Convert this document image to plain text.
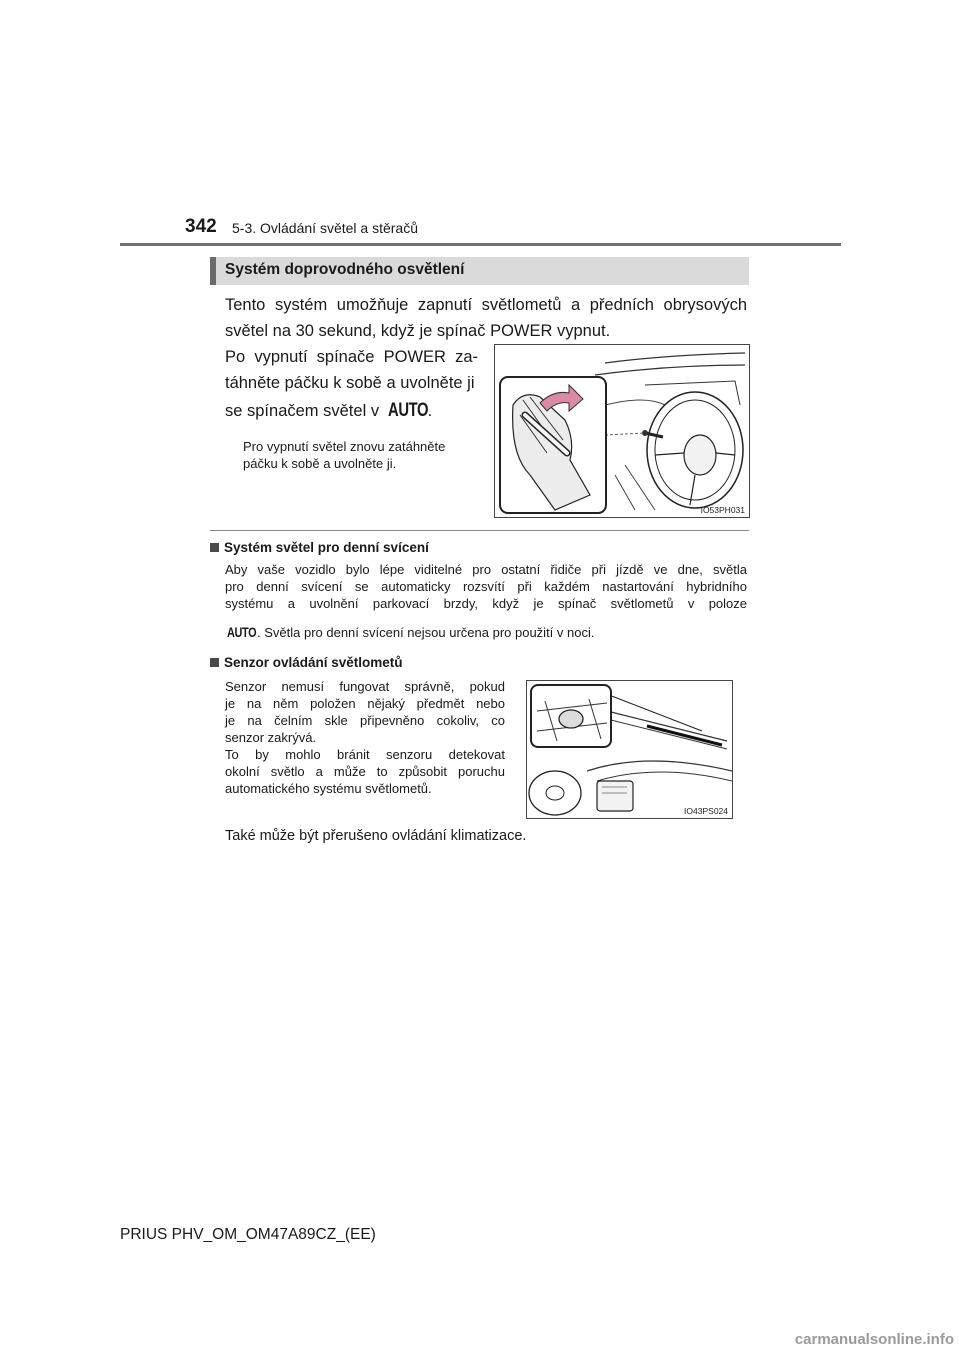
342 5-3. Ovládání světel a stěračů
Systém doprovodného osvětlení
Tento systém umožňuje zapnutí světlometů a předních obrysových
světel na 30 sekund, když je spínač POWER vypnut.
Po vypnutí spínače POWER za-
táhněte páčku k sobě a uvolněte ji
se spínačem světel v AUTO.
Pro vypnutí světel znovu zatáhněte
páčku k sobě a uvolněte ji.
IO53PH031
Systém světel pro denní svícení
Aby vaše vozidlo bylo lépe viditelné pro ostatní řidiče při jízdě ve dne, světla
pro denní svícení se automaticky rozsvítí při každém nastartování hybridního
systému a uvolnění parkovací brzdy, když je spínač světlometů v poloze
AUTO. Světla pro denní svícení nejsou určena pro použití v noci.
Senzor ovládání světlometů
Senzor nemusí fungovat správně, pokud
je na něm položen nějaký předmět nebo
je na čelním skle připevněno cokoliv, co
senzor zakrývá.
To by mohlo bránit senzoru detekovat
okolní světlo a může to způsobit poruchu
automatického systému světlometů.
IO43PS024
Také může být přerušeno ovládání klimatizace.
PRIUS PHV_OM_OM47A89CZ_(EE)
carmanualsonline.info
